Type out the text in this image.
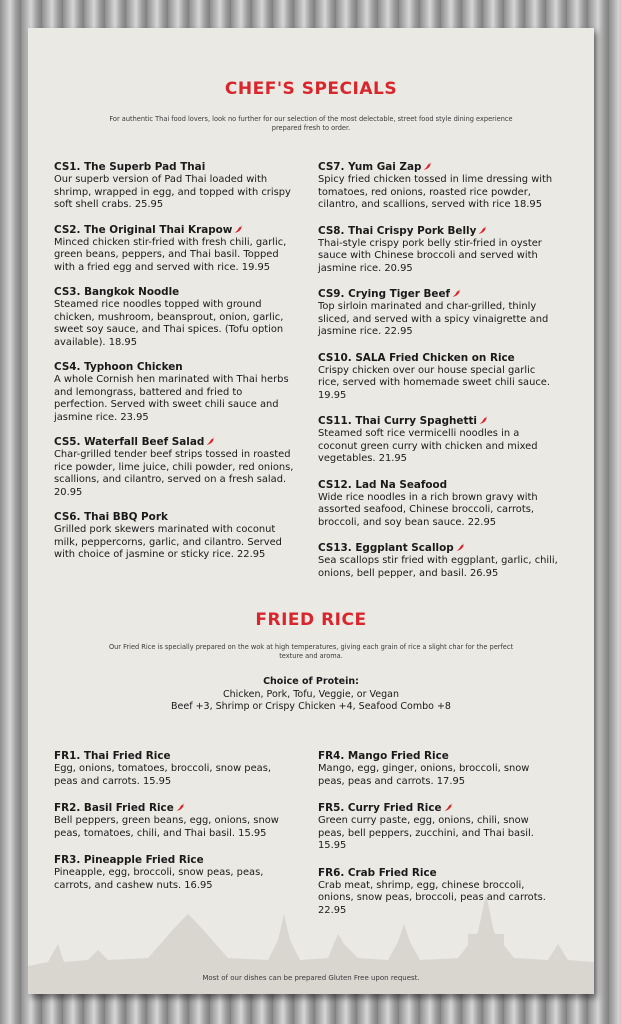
CHEF'S SPECIALS
For authentic Thai food lovers, look no further for our selection of the most delectable, street food style dining experience prepared fresh to order.
CS1. The Superb Pad Thai
Our superb version of Pad Thai loaded with shrimp, wrapped in egg, and topped with crispy soft shell crabs. 25.95
CS2. The Original Thai Krapow
Minced chicken stir-fried with fresh chili, garlic, green beans, peppers, and Thai basil. Topped with a fried egg and served with rice. 19.95
CS3. Bangkok Noodle
Steamed rice noodles topped with ground chicken, mushroom, beansprout, onion, garlic, sweet soy sauce, and Thai spices. (Tofu option available). 18.95
CS4. Typhoon Chicken
A whole Cornish hen marinated with Thai herbs and lemongrass, battered and fried to perfection. Served with sweet chili sauce and jasmine rice. 23.95
CS5. Waterfall Beef Salad
Char-grilled tender beef strips tossed in roasted rice powder, lime juice, chili powder, red onions, scallions, and cilantro, served on a fresh salad. 20.95
CS6. Thai BBQ Pork
Grilled pork skewers marinated with coconut milk, peppercorns, garlic, and cilantro. Served with choice of jasmine or sticky rice. 22.95
CS7. Yum Gai Zap
Spicy fried chicken tossed in lime dressing with tomatoes, red onions, roasted rice powder, cilantro, and scallions, served with rice 18.95
CS8. Thai Crispy Pork Belly
Thai-style crispy pork belly stir-fried in oyster sauce with Chinese broccoli and served with jasmine rice. 20.95
CS9. Crying Tiger Beef
Top sirloin marinated and char-grilled, thinly sliced, and served with a spicy vinaigrette and jasmine rice. 22.95
CS10. SALA Fried Chicken on Rice
Crispy chicken over our house special garlic rice, served with homemade sweet chili sauce. 19.95
CS11. Thai Curry Spaghetti
Steamed soft rice vermicelli noodles in a coconut green curry with chicken and mixed vegetables. 21.95
CS12. Lad Na Seafood
Wide rice noodles in a rich brown gravy with assorted seafood, Chinese broccoli, carrots, broccoli, and soy bean sauce. 22.95
CS13. Eggplant Scallop
Sea scallops stir fried with eggplant, garlic, chili, onions, bell pepper, and basil. 26.95
FRIED RICE
Our Fried Rice is specially prepared on the wok at high temperatures, giving each grain of rice a slight char for the perfect texture and aroma.
Choice of Protein:
Chicken, Pork, Tofu, Veggie, or Vegan
Beef +3, Shrimp or Crispy Chicken +4, Seafood Combo +8
FR1. Thai Fried Rice
Egg, onions, tomatoes, broccoli, snow peas, peas and carrots. 15.95
FR2. Basil Fried Rice
Bell peppers, green beans, egg, onions, snow peas, tomatoes, chili, and Thai basil. 15.95
FR3. Pineapple Fried Rice
Pineapple, egg, broccoli, snow peas, peas, carrots, and cashew nuts. 16.95
FR4. Mango Fried Rice
Mango, egg, ginger, onions, broccoli, snow peas, peas and carrots. 17.95
FR5. Curry Fried Rice
Green curry paste, egg, onions, chili, snow peas, bell peppers, zucchini, and Thai basil. 15.95
FR6. Crab Fried Rice
Crab meat, shrimp, egg, chinese broccoli, onions, snow peas, broccoli, peas and carrots. 22.95
Most of our dishes can be prepared Gluten Free upon request.
